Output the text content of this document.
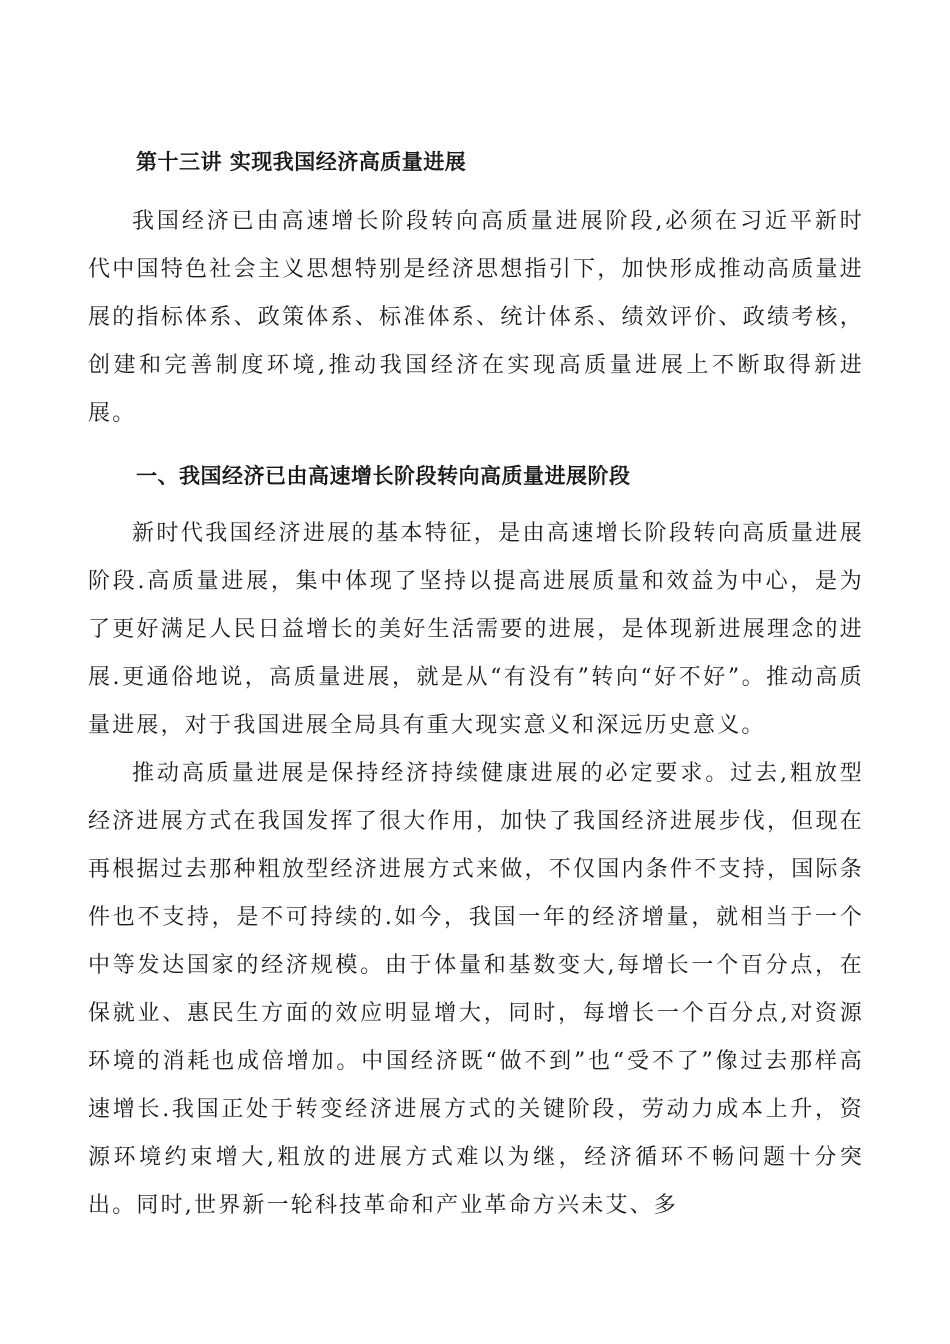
第十三讲 实现我国经济高质量进展

我国经济已由高速增长阶段转向高质量进展阶段,必须在习近平新时代中国特色社会主义思想特别是经济思想指引下，加快形成推动高质量进展的指标体系、政策体系、标准体系、统计体系、绩效评价、政绩考核，创建和完善制度环境,推动我国经济在实现高质量进展上不断取得新进展。

一、我国经济已由高速增长阶段转向高质量进展阶段

新时代我国经济进展的基本特征，是由高速增长阶段转向高质量进展阶段.高质量进展，集中体现了坚持以提高进展质量和效益为中心，是为了更好满足人民日益增长的美好生活需要的进展，是体现新进展理念的进展.更通俗地说，高质量进展，就是从“有没有”转向“好不好”。推动高质量进展，对于我国进展全局具有重大现实意义和深远历史意义。

推动高质量进展是保持经济持续健康进展的必定要求。过去,粗放型经济进展方式在我国发挥了很大作用，加快了我国经济进展步伐，但现在再根据过去那种粗放型经济进展方式来做，不仅国内条件不支持，国际条件也不支持，是不可持续的.如今，我国一年的经济增量，就相当于一个中等发达国家的经济规模。由于体量和基数变大,每增长一个百分点，在保就业、惠民生方面的效应明显增大，同时，每增长一个百分点,对资源环境的消耗也成倍增加。中国经济既“做不到”也“受不了”像过去那样高速增长.我国正处于转变经济进展方式的关键阶段，劳动力成本上升，资源环境约束增大,粗放的进展方式难以为继，经济循环不畅问题十分突出。同时,世界新一轮科技革命和产业革命方兴未艾、多
